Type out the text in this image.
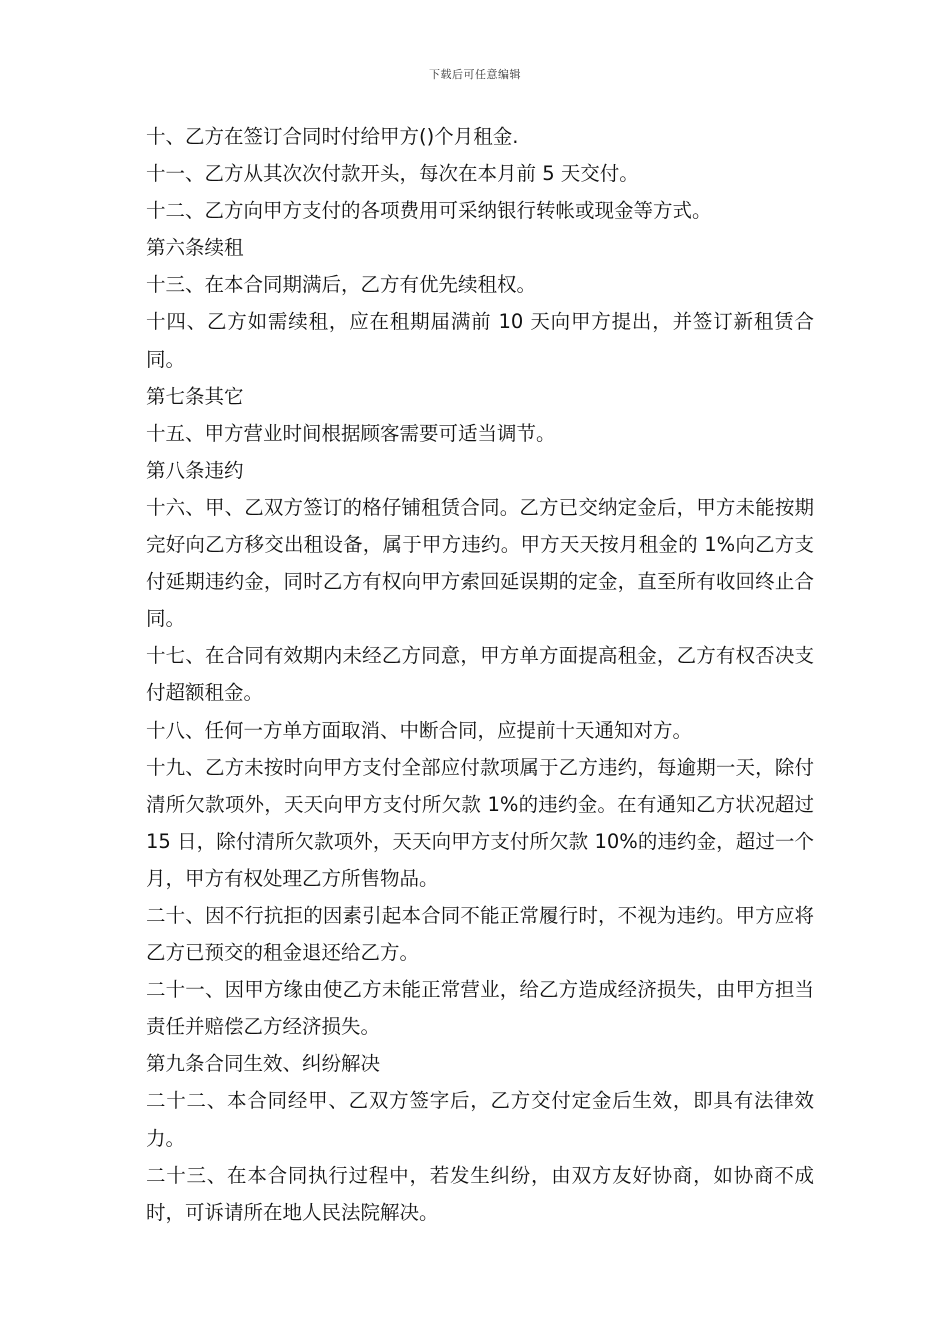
下载后可任意编辑

十、乙方在签订合同时付给甲方()个月租金.

十一、乙方从其次次付款开头，每次在本月前 5 天交付。

十二、乙方向甲方支付的各项费用可采纳银行转帐或现金等方式。

第六条续租

十三、在本合同期满后，乙方有优先续租权。

十四、乙方如需续租，应在租期届满前 10 天向甲方提出，并签订新租赁合同。

第七条其它

十五、甲方营业时间根据顾客需要可适当调节。

第八条违约

十六、甲、乙双方签订的格仔铺租赁合同。乙方已交纳定金后，甲方未能按期完好向乙方移交出租设备，属于甲方违约。甲方天天按月租金的 1%向乙方支付延期违约金，同时乙方有权向甲方索回延误期的定金，直至所有收回终止合同。

十七、在合同有效期内未经乙方同意，甲方单方面提高租金，乙方有权否决支付超额租金。

十八、任何一方单方面取消、中断合同，应提前十天通知对方。

十九、乙方未按时向甲方支付全部应付款项属于乙方违约，每逾期一天，除付清所欠款项外，天天向甲方支付所欠款 1%的违约金。在有通知乙方状况超过 15 日，除付清所欠款项外，天天向甲方支付所欠款 10%的违约金，超过一个月，甲方有权处理乙方所售物品。

二十、因不行抗拒的因素引起本合同不能正常履行时，不视为违约。甲方应将乙方已预交的租金退还给乙方。

二十一、因甲方缘由使乙方未能正常营业，给乙方造成经济损失，由甲方担当责任并赔偿乙方经济损失。

第九条合同生效、纠纷解决

二十二、本合同经甲、乙双方签字后，乙方交付定金后生效，即具有法律效力。

二十三、在本合同执行过程中，若发生纠纷，由双方友好协商，如协商不成时，可诉请所在地人民法院解决。
